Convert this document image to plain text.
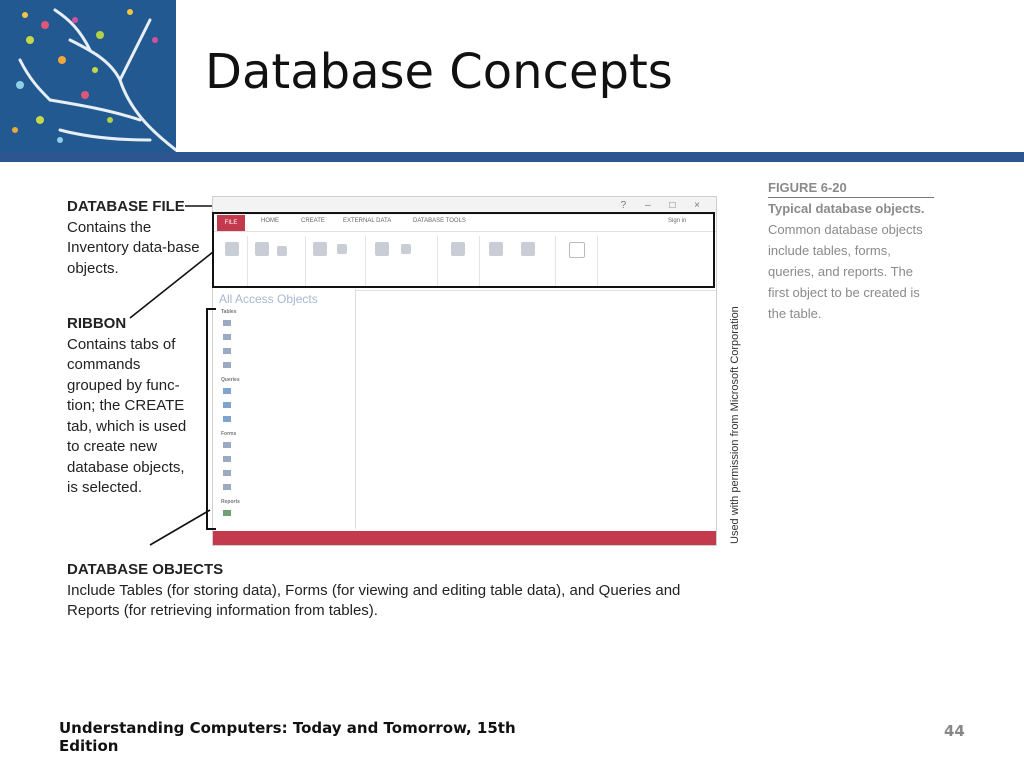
Database Concepts
DATABASE FILE
Contains the Inventory data-base objects.
RIBBON
Contains tabs of commands grouped by func-tion; the CREATE tab, which is used to create new database objects, is selected.
DATABASE OBJECTS
Include Tables (for storing data), Forms (for viewing and editing table data), and Queries and Reports (for retrieving information from tables).
? – □ ×
FILE	HOME	CREATE	EXTERNAL DATA	DATABASE TOOLS	Sign in
All Access Objects
Tables
Queries
Forms
Reports	Used with permission from Microsoft Corporation
FIGURE 6-20
Typical database objects. Common database objects include tables, forms, queries, and reports. The first object to be created is the table.
Understanding Computers: Today and Tomorrow, 15th Edition
44
